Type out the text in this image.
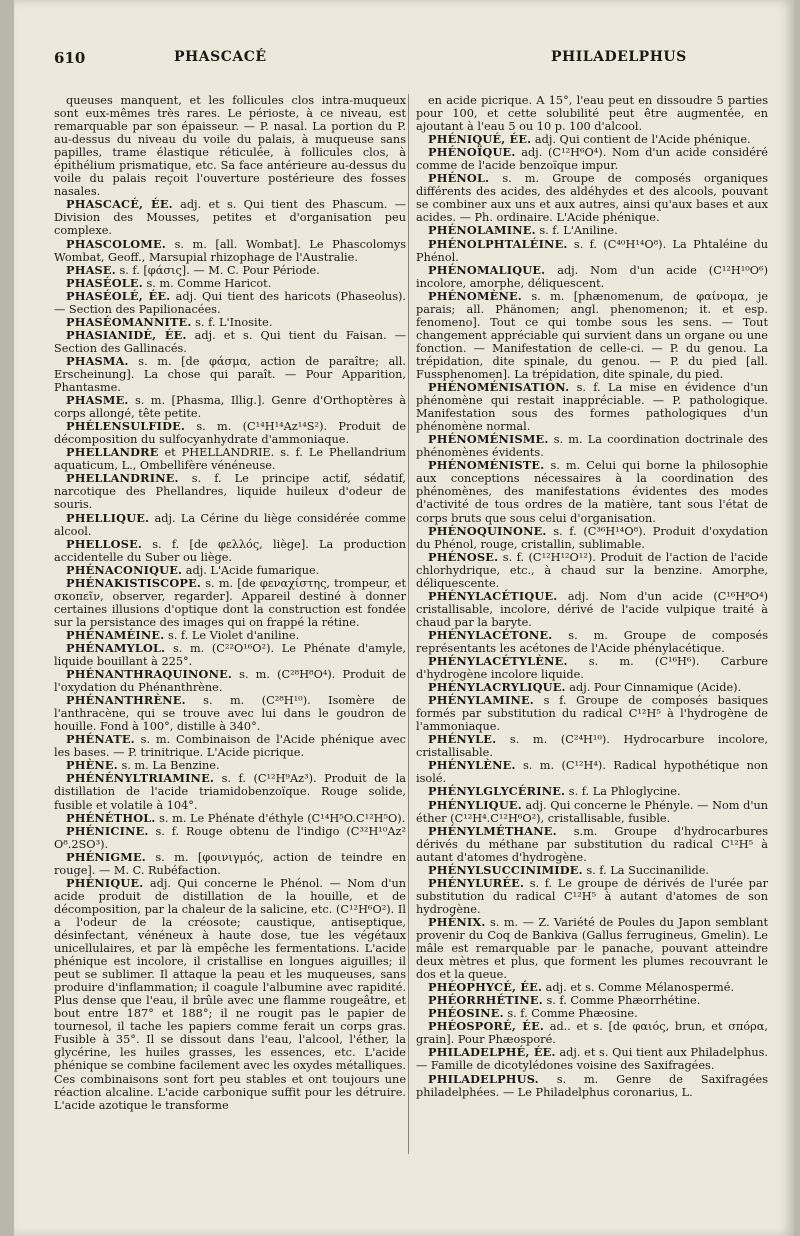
610	PHASCACÉ	PHILADELPHUS

queuses manquent, et les follicules clos intra-muqueux sont eux-mêmes très rares. Le périoste, à ce niveau, est remarquable par son épaisseur. — P. nasal. La portion du P. au-dessus du niveau du voile du palais, à muqueuse sans papilles, trame élastique réticulée, à follicules clos, à épithélium prismatique, etc. Sa face antérieure au-dessus du voile du palais reçoit l'ouverture postérieure des fosses nasales.

PHASCACÉ, ÉE. adj. et s. Qui tient des Phascum. — Division des Mousses, petites et d'organisation peu complexe.

PHASCOLOME. s. m. [all. Wombat]. Le Phascolomys Wombat, Geoff., Marsupial rhizophage de l'Australie.

PHASE. s. f. [φάσις]. — M. C. Pour Période.

PHASÉOLE. s. m. Comme Haricot.

PHASÉOLÉ, ÉE. adj. Qui tient des haricots (Phaseolus). — Section des Papilionacées.

PHASÉOMANNITE. s. f. L'Inosite.

PHASIANIDÉ, ÉE. adj. et s. Qui tient du Faisan. — Section des Gallinacés.

PHASMA. s. m. [de φάσμα, action de paraître; all. Erscheinung]. La chose qui paraît. — Pour Apparition, Phantasme.

PHASME. s. m. [Phasma, Illig.]. Genre d'Orthoptères à corps allongé, tête petite.

PHÉLENSULFIDE. s. m. (C¹⁴H¹⁴Az¹⁴S²). Produit de décomposition du sulfocyanhydrate d'ammoniaque.

PHELLANDRE et PHELLANDRIE. s. f. Le Phellandrium aquaticum, L., Ombellifère vénéneuse.

PHELLANDRINE. s. f. Le principe actif, sédatif, narcotique des Phellandres, liquide huileux d'odeur de souris.

PHELLIQUE. adj. La Cérine du liège considérée comme alcool.

PHELLOSE. s. f. [de φελλός, liège]. La production accidentelle du Suber ou liège.

PHÉNACONIQUE. adj. L'Acide fumarique.

PHÉNAKISTISCOPE. s. m. [de φεναχίστης, trompeur, et σκοπεῖν, observer, regarder]. Appareil destiné à donner certaines illusions d'optique dont la construction est fondée sur la persistance des images qui on frappé la rétine.

PHÉNAMÉINE. s. f. Le Violet d'aniline.

PHÉNAMYLOL. s. m. (C²²O¹⁶O²). Le Phénate d'amyle, liquide bouillant à 225°.

PHÉNANTHRAQUINONE. s. m. (C²⁸H⁸O⁴). Produit de l'oxydation du Phénanthrène.

PHÉNANTHRÈNE. s. m. (C²⁸H¹⁰). Isomère de l'anthracène, qui se trouve avec lui dans le goudron de houille. Fond à 100°, distille à 340°.

PHÉNATE. s. m. Combinaison de l'Acide phénique avec les bases. — P. trinitrique. L'Acide picrique.

PHÈNE. s. m. La Benzine.

PHÉNÉNYLTRIAMINE. s. f. (C¹²H⁹Az³). Produit de la distillation de l'acide triamidobenzoïque. Rouge solide, fusible et volatile à 104°.

PHÉNÉTHOL. s. m. Le Phénate d'éthyle (C¹⁴H⁵O.C¹²H⁵O).

PHÉNICINE. s. f. Rouge obtenu de l'indigo (C³²H¹⁰Az² O⁸.2SO³).

PHÉNIGME. s. m. [φοινιγμός, action de teindre en rouge]. — M. C. Rubéfaction.

PHÉNIQUE. adj. Qui concerne le Phénol. — Nom d'un acide produit de distillation de la houille, et de décomposition, par la chaleur de la salicine, etc. (C¹²H⁶O²). Il a l'odeur de la créosote; caustique, antiseptique, désinfectant, vénéneux à haute dose, tue les végétaux unicellulaires, et par là empêche les fermentations. L'acide phénique est incolore, il cristallise en longues aiguilles; il peut se sublimer. Il attaque la peau et les muqueuses, sans produire d'inflammation; il coagule l'albumine avec rapidité. Plus dense que l'eau, il brûle avec une flamme rougeâtre, et bout entre 187° et 188°; il ne rougit pas le papier de tournesol, il tache les papiers comme ferait un corps gras. Fusible à 35°. Il se dissout dans l'eau, l'alcool, l'éther, la glycérine, les huiles grasses, les essences, etc. L'acide phénique se combine facilement avec les oxydes métalliques. Ces combinaisons sont fort peu stables et ont toujours une réaction alcaline. L'acide carbonique suffit pour les détruire. L'acide azotique le transforme

en acide picrique. A 15°, l'eau peut en dissoudre 5 parties pour 100, et cette solubilité peut être augmentée, en ajoutant à l'eau 5 ou 10 p. 100 d'alcool.

PHÉNIQUÉ, ÉE. adj. Qui contient de l'Acide phénique.

PHÉNOÏQUE. adj. (C¹²H⁶O⁴). Nom d'un acide considéré comme de l'acide benzoïque impur.

PHÉNOL. s. m. Groupe de composés organiques différents des acides, des aldéhydes et des alcools, pouvant se combiner aux uns et aux autres, ainsi qu'aux bases et aux acides. — Ph. ordinaire. L'Acide phénique.

PHÉNOLAMINE. s. f. L'Aniline.

PHÉNOLPHTALÉINE. s. f. (C⁴⁰H¹⁴O⁸). La Phtaléine du Phénol.

PHÉNOMALIQUE. adj. Nom d'un acide (C¹²H¹⁰O⁶) incolore, amorphe, déliquescent.

PHÉNOMÈNE. s. m. [phænomenum, de φαίνομα, je parais; all. Phänomen; angl. phenomenon; it. et esp. fenomeno]. Tout ce qui tombe sous les sens. — Tout changement appréciable qui survient dans un organe ou une fonction. — Manifestation de celle-ci. — P. du genou. La trépidation, dite spinale, du genou. — P. du pied [all. Fussphenomen]. La trépidation, dite spinale, du pied.

PHÉNOMÉNISATION. s. f. La mise en évidence d'un phénomène qui restait inappréciable. — P. pathologique. Manifestation sous des formes pathologiques d'un phénomène normal.

PHÉNOMÉNISME. s. m. La coordination doctrinale des phénomènes évidents.

PHÉNOMÉNISTE. s. m. Celui qui borne la philosophie aux conceptions nécessaires à la coordination des phénomènes, des manifestations évidentes des modes d'activité de tous ordres de la matière, tant sous l'état de corps bruts que sous celui d'organisation.

PHÉNOQUINONE. s. f. (C³⁶H¹⁴O⁸). Produit d'oxydation du Phénol, rouge, cristallin, sublimable.

PHÉNOSE. s. f. (C¹²H¹²O¹²). Produit de l'action de l'acide chlorhydrique, etc., à chaud sur la benzine. Amorphe, déliquescente.

PHÉNYLACÉTIQUE. adj. Nom d'un acide (C¹⁶H⁸O⁴) cristallisable, incolore, dérivé de l'acide vulpique traité à chaud par la baryte.

PHÉNYLACÉTONE. s. m. Groupe de composés représentants les acétones de l'Acide phénylacétique.

PHÉNYLACÉTYLÈNE. s. m. (C¹⁶H⁶). Carbure d'hydrogène incolore liquide.

PHÉNYLACRYLIQUE. adj. Pour Cinnamique (Acide).

PHÉNYLAMINE. s f. Groupe de composés basiques formés par substitution du radical C¹²H⁵ à l'hydrogène de l'ammoniaque.

PHÉNYLE. s. m. (C²⁴H¹⁰). Hydrocarbure incolore, cristallisable.

PHÉNYLÈNE. s. m. (C¹²H⁴). Radical hypothétique non isolé.

PHÉNYLGLYCÉRINE. s. f. La Phloglycine.

PHÉNYLIQUE. adj. Qui concerne le Phényle. — Nom d'un éther (C¹²H⁴.C¹²H⁶O²), cristallisable, fusible.

PHÉNYLMÉTHANE. s.m. Groupe d'hydrocarbures dérivés du méthane par substitution du radical C¹²H⁵ à autant d'atomes d'hydrogène.

PHÉNYLSUCCINIMIDE. s. f. La Succinanilide.

PHÉNYLURÉE. s. f. Le groupe de dérivés de l'urée par substitution du radical C¹²H⁵ à autant d'atomes de son hydrogène.

PHÉNIX. s. m. — Z. Variété de Poules du Japon semblant provenir du Coq de Bankiva (Gallus ferrugineus, Gmelin). Le mâle est remarquable par le panache, pouvant atteindre deux mètres et plus, que forment les plumes recouvrant le dos et la queue.

PHÉOPHYCÉ, ÉE. adj. et s. Comme Mélanospermé.

PHÉORRHÉTINE. s. f. Comme Phæorrhétine.

PHÉOSINE. s. f. Comme Phæosine.

PHÉOSPORÉ, ÉE. ad.. et s. [de φαιός, brun, et σπόρα, grain]. Pour Phæosporé.

PHILADELPHÉ, ÉE. adj. et s. Qui tient aux Philadelphus. — Famille de dicotylédones voisine des Saxifragées.

PHILADELPHUS. s. m. Genre de Saxifragées philadelphées. — Le Philadelphus coronarius, L.
